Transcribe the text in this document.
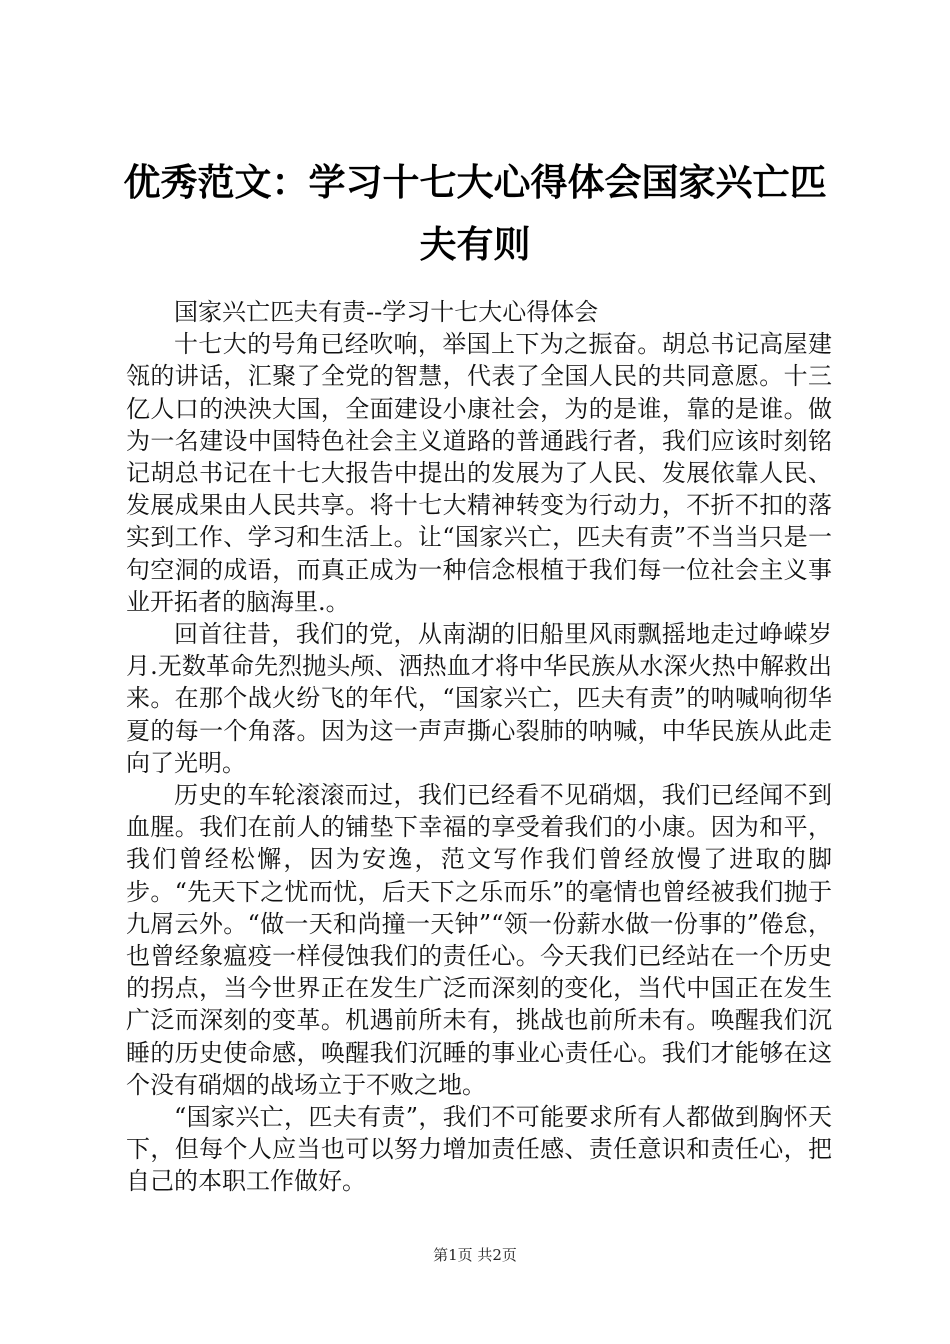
优秀范文：学习十七大心得体会国家兴亡匹夫有则

国家兴亡匹夫有责--学习十七大心得体会

十七大的号角已经吹响，举国上下为之振奋。胡总书记高屋建瓴的讲话，汇聚了全党的智慧，代表了全国人民的共同意愿。十三亿人口的泱泱大国，全面建设小康社会，为的是谁，靠的是谁。做为一名建设中国特色社会主义道路的普通践行者，我们应该时刻铭记胡总书记在十七大报告中提出的发展为了人民、发展依靠人民、发展成果由人民共享。将十七大精神转变为行动力，不折不扣的落实到工作、学习和生活上。让“国家兴亡，匹夫有责”不当当只是一句空洞的成语，而真正成为一种信念根植于我们每一位社会主义事业开拓者的脑海里.。

回首往昔，我们的党，从南湖的旧船里风雨飘摇地走过峥嵘岁月.无数革命先烈抛头颅、洒热血才将中华民族从水深火热中解救出来。在那个战火纷飞的年代，“国家兴亡，匹夫有责”的呐喊响彻华夏的每一个角落。因为这一声声撕心裂肺的呐喊，中华民族从此走向了光明。

历史的车轮滚滚而过，我们已经看不见硝烟，我们已经闻不到血腥。我们在前人的铺垫下幸福的享受着我们的小康。因为和平，我们曾经松懈，因为安逸，范文写作我们曾经放慢了进取的脚步。“先天下之忧而忧，后天下之乐而乐”的毫情也曾经被我们抛于九屑云外。“做一天和尚撞一天钟”“领一份薪水做一份事的”倦怠，也曾经象瘟疫一样侵蚀我们的责任心。今天我们已经站在一个历史的拐点，当今世界正在发生广泛而深刻的变化，当代中国正在发生广泛而深刻的变革。机遇前所未有，挑战也前所未有。唤醒我们沉睡的历史使命感，唤醒我们沉睡的事业心责任心。我们才能够在这个没有硝烟的战场立于不败之地。

“国家兴亡，匹夫有责”，我们不可能要求所有人都做到胸怀天下，但每个人应当也可以努力增加责任感、责任意识和责任心，把自己的本职工作做好。

第1页 共2页
